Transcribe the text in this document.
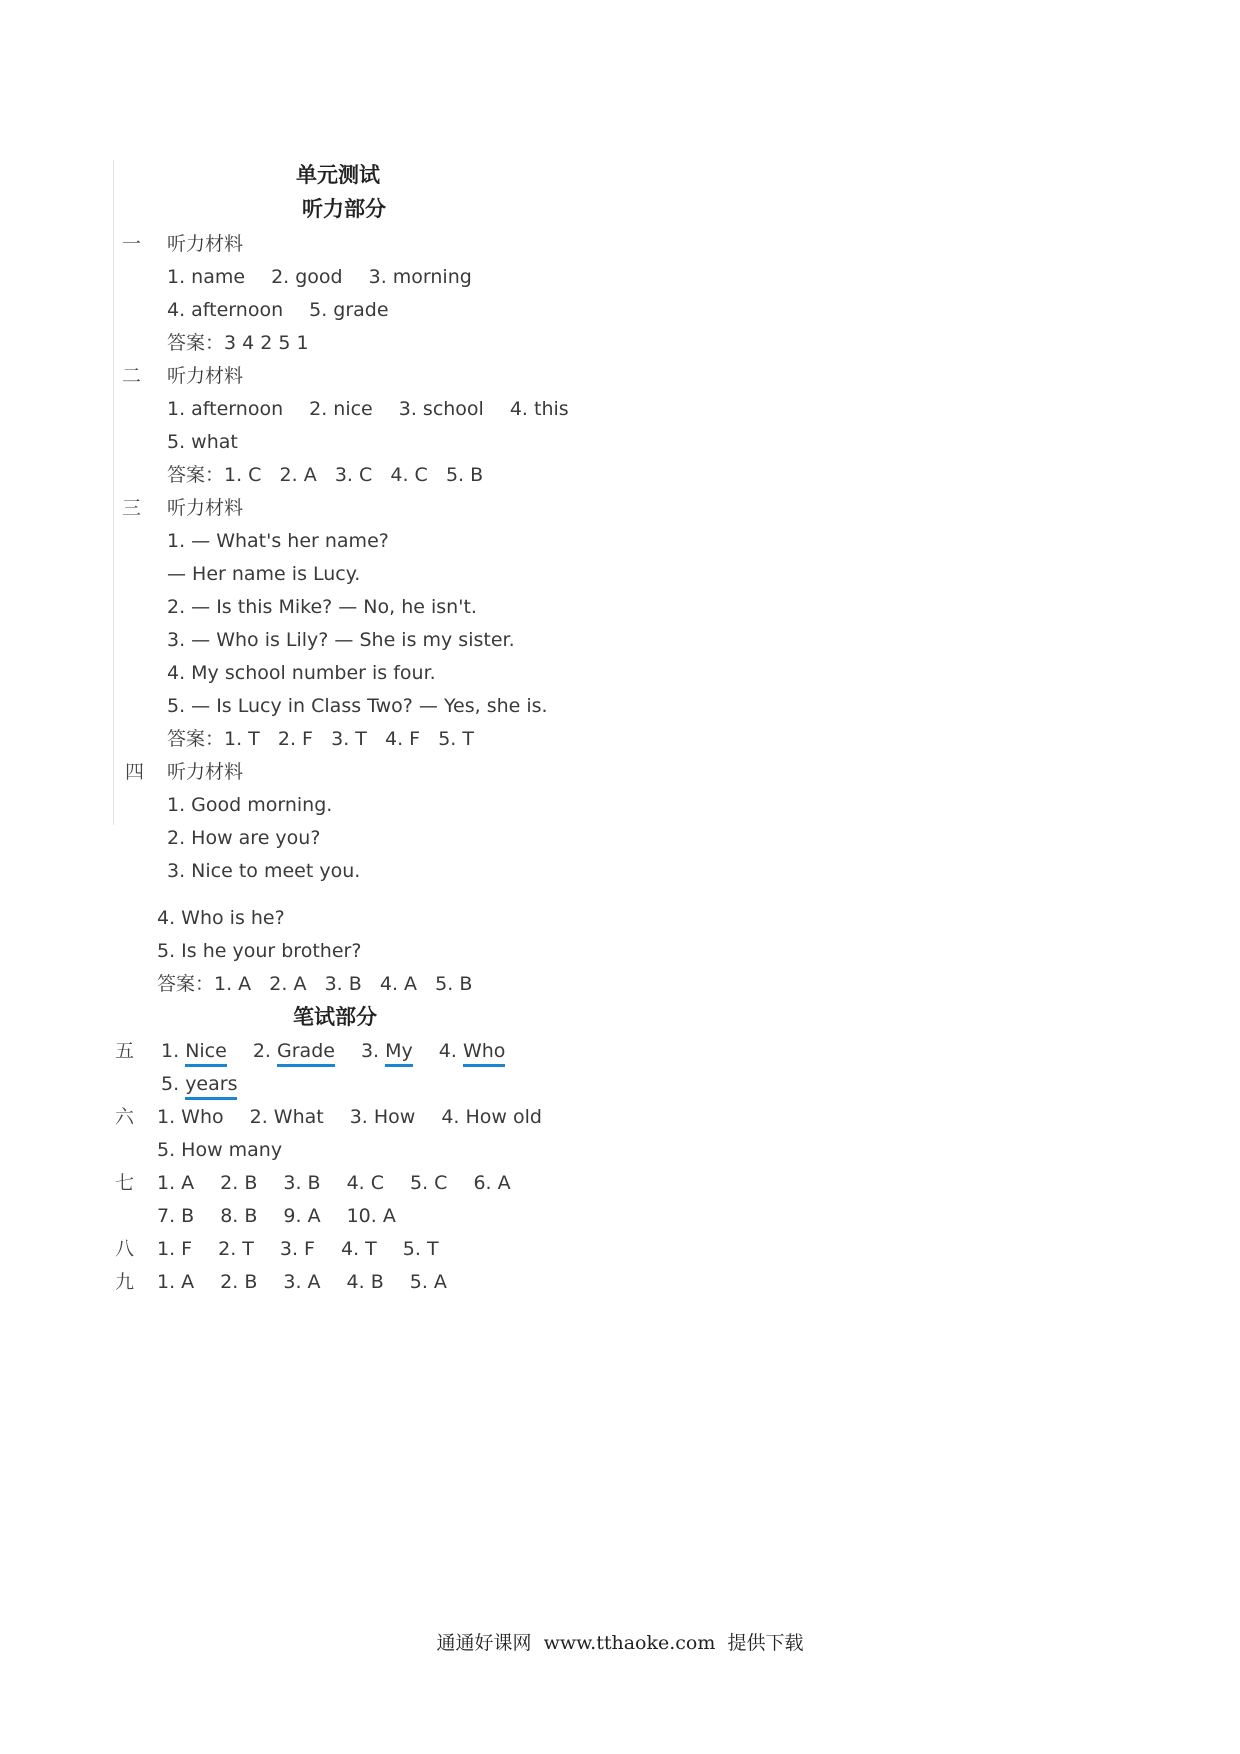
单元测试
听力部分
一 听力材料
1. name 2. good 3. morning
4. afternoon 5. grade
答案：3 4 2 5 1
二 听力材料
1. afternoon 2. nice 3. school 4. this
5. what
答案：1. C   2. A   3. C   4. C   5. B
三 听力材料
1. — What's her name?
— Her name is Lucy.
2. — Is this Mike? — No, he isn't.
3. — Who is Lily? — She is my sister.
4. My school number is four.
5. — Is Lucy in Class Two? — Yes, she is.
答案：1. T   2. F   3. T   4. F   5. T
四 听力材料
1. Good morning.
2. How are you?
3. Nice to meet you.
4. Who is he?
5. Is he your brother?
答案：1. A   2. A   3. B   4. A   5. B
笔试部分
五 1. Nice 2. Grade 3. My 4. Who
5. years
六 1. Who 2. What 3. How 4. How old
5. How many
七 1. A 2. B 3. B 4. C 5. C 6. A
7. B 8. B 9. A 10. A
八 1. F 2. T 3. F 4. T 5. T
九 1. A 2. B 3. A 4. B 5. A
通通好课网  www.tthaoke.com  提供下载
